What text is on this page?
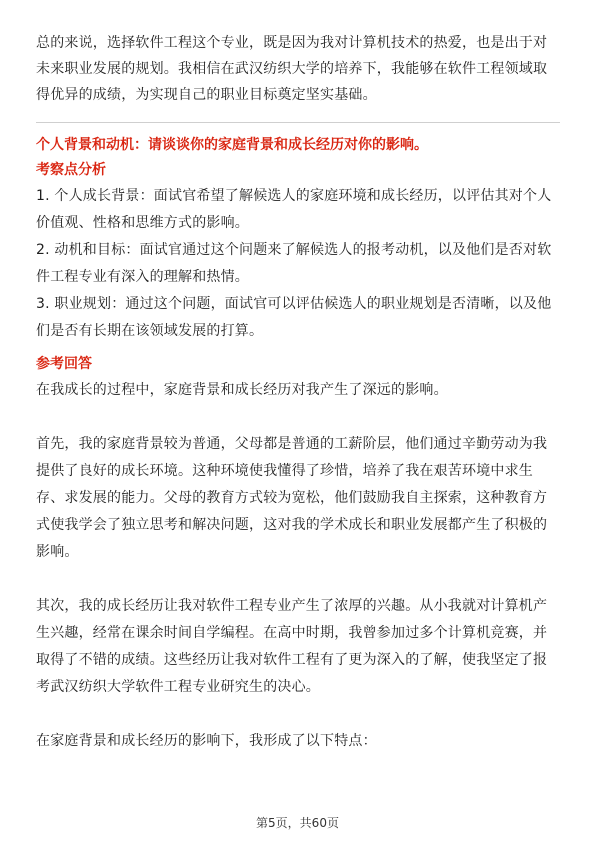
总的来说，选择软件工程这个专业，既是因为我对计算机技术的热爱，也是出于对未来职业发展的规划。我相信在武汉纺织大学的培养下，我能够在软件工程领域取得优异的成绩，为实现自己的职业目标奠定坚实基础。

个人背景和动机：请谈谈你的家庭背景和成长经历对你的影响。
考察点分析

1. 个人成长背景：面试官希望了解候选人的家庭环境和成长经历，以评估其对个人价值观、性格和思维方式的影响。

2. 动机和目标：面试官通过这个问题来了解候选人的报考动机，以及他们是否对软件工程专业有深入的理解和热情。

3. 职业规划：通过这个问题，面试官可以评估候选人的职业规划是否清晰，以及他们是否有长期在该领域发展的打算。

参考回答

在我成长的过程中，家庭背景和成长经历对我产生了深远的影响。

首先，我的家庭背景较为普通，父母都是普通的工薪阶层，他们通过辛勤劳动为我提供了良好的成长环境。这种环境使我懂得了珍惜，培养了我在艰苦环境中求生存、求发展的能力。父母的教育方式较为宽松，他们鼓励我自主探索，这种教育方式使我学会了独立思考和解决问题，这对我的学术成长和职业发展都产生了积极的影响。

其次，我的成长经历让我对软件工程专业产生了浓厚的兴趣。从小我就对计算机产生兴趣，经常在课余时间自学编程。在高中时期，我曾参加过多个计算机竞赛，并取得了不错的成绩。这些经历让我对软件工程有了更为深入的了解，使我坚定了报考武汉纺织大学软件工程专业研究生的决心。

在家庭背景和成长经历的影响下，我形成了以下特点：

第5页，共60页
